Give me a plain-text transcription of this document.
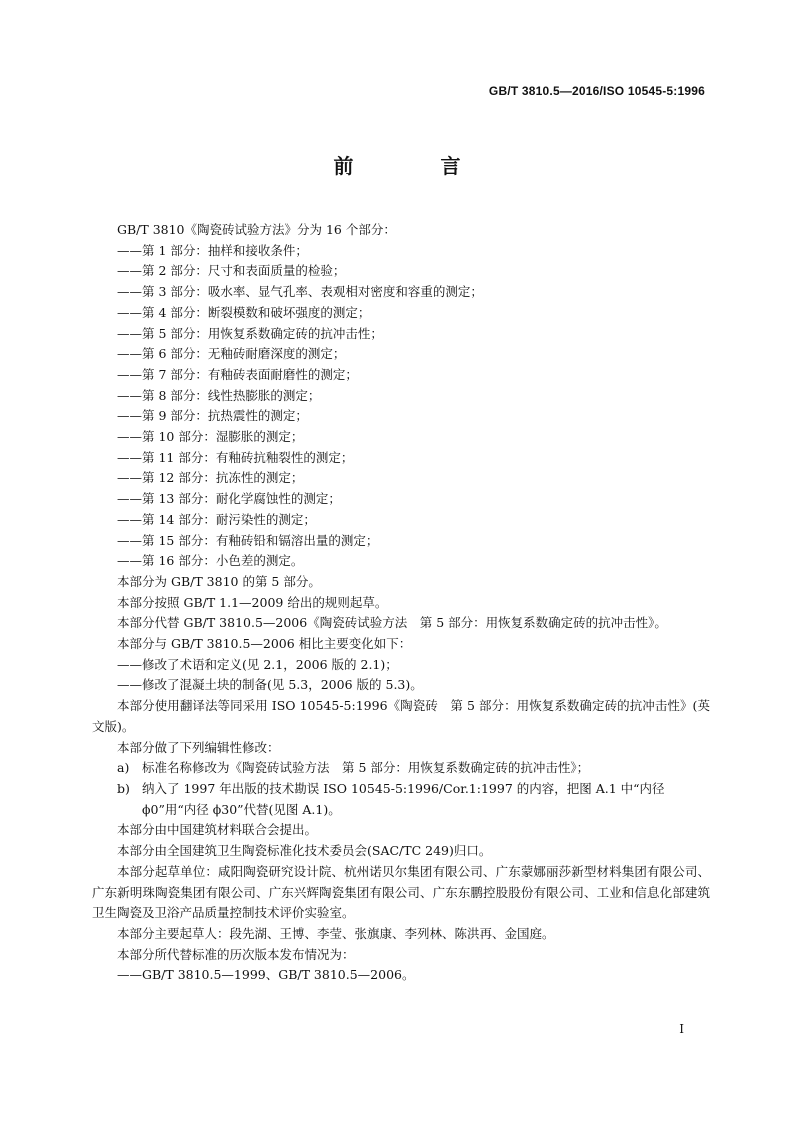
GB/T 3810.5—2016/ISO 10545-5:1996
前 言

GB/T 3810《陶瓷砖试验方法》分为 16 个部分：

——第 1 部分：抽样和接收条件；

——第 2 部分：尺寸和表面质量的检验；

——第 3 部分：吸水率、显气孔率、表观相对密度和容重的测定；

——第 4 部分：断裂模数和破坏强度的测定；

——第 5 部分：用恢复系数确定砖的抗冲击性；

——第 6 部分：无釉砖耐磨深度的测定；

——第 7 部分：有釉砖表面耐磨性的测定；

——第 8 部分：线性热膨胀的测定；

——第 9 部分：抗热震性的测定；

——第 10 部分：湿膨胀的测定；

——第 11 部分：有釉砖抗釉裂性的测定；

——第 12 部分：抗冻性的测定；

——第 13 部分：耐化学腐蚀性的测定；

——第 14 部分：耐污染性的测定；

——第 15 部分：有釉砖铅和镉溶出量的测定；

——第 16 部分：小色差的测定。

本部分为 GB/T 3810 的第 5 部分。

本部分按照 GB/T 1.1—2009 给出的规则起草。

本部分代替 GB/T 3810.5—2006《陶瓷砖试验方法　第 5 部分：用恢复系数确定砖的抗冲击性》。

本部分与 GB/T 3810.5—2006 相比主要变化如下：

——修改了术语和定义(见 2.1，2006 版的 2.1)；

——修改了混凝土块的制备(见 5.3，2006 版的 5.3)。

本部分使用翻译法等同采用 ISO 10545-5:1996《陶瓷砖　第 5 部分：用恢复系数确定砖的抗冲击性》(英文版)。

本部分做了下列编辑性修改：

a) 标准名称修改为《陶瓷砖试验方法　第 5 部分：用恢复系数确定砖的抗冲击性》；
b) 纳入了 1997 年出版的技术勘误 ISO 10545-5:1996/Cor.1:1997 的内容，把图 A.1 中“内径 ϕ0”用“内径 ϕ30”代替(见图 A.1)。

本部分由中国建筑材料联合会提出。

本部分由全国建筑卫生陶瓷标准化技术委员会(SAC/TC 249)归口。

本部分起草单位：咸阳陶瓷研究设计院、杭州诺贝尔集团有限公司、广东蒙娜丽莎新型材料集团有限公司、广东新明珠陶瓷集团有限公司、广东兴辉陶瓷集团有限公司、广东东鹏控股股份有限公司、工业和信息化部建筑卫生陶瓷及卫浴产品质量控制技术评价实验室。

本部分主要起草人：段先湖、王博、李莹、张旗康、李列林、陈洪再、金国庭。

本部分所代替标准的历次版本发布情况为：

——GB/T 3810.5—1999、GB/T 3810.5—2006。

I
